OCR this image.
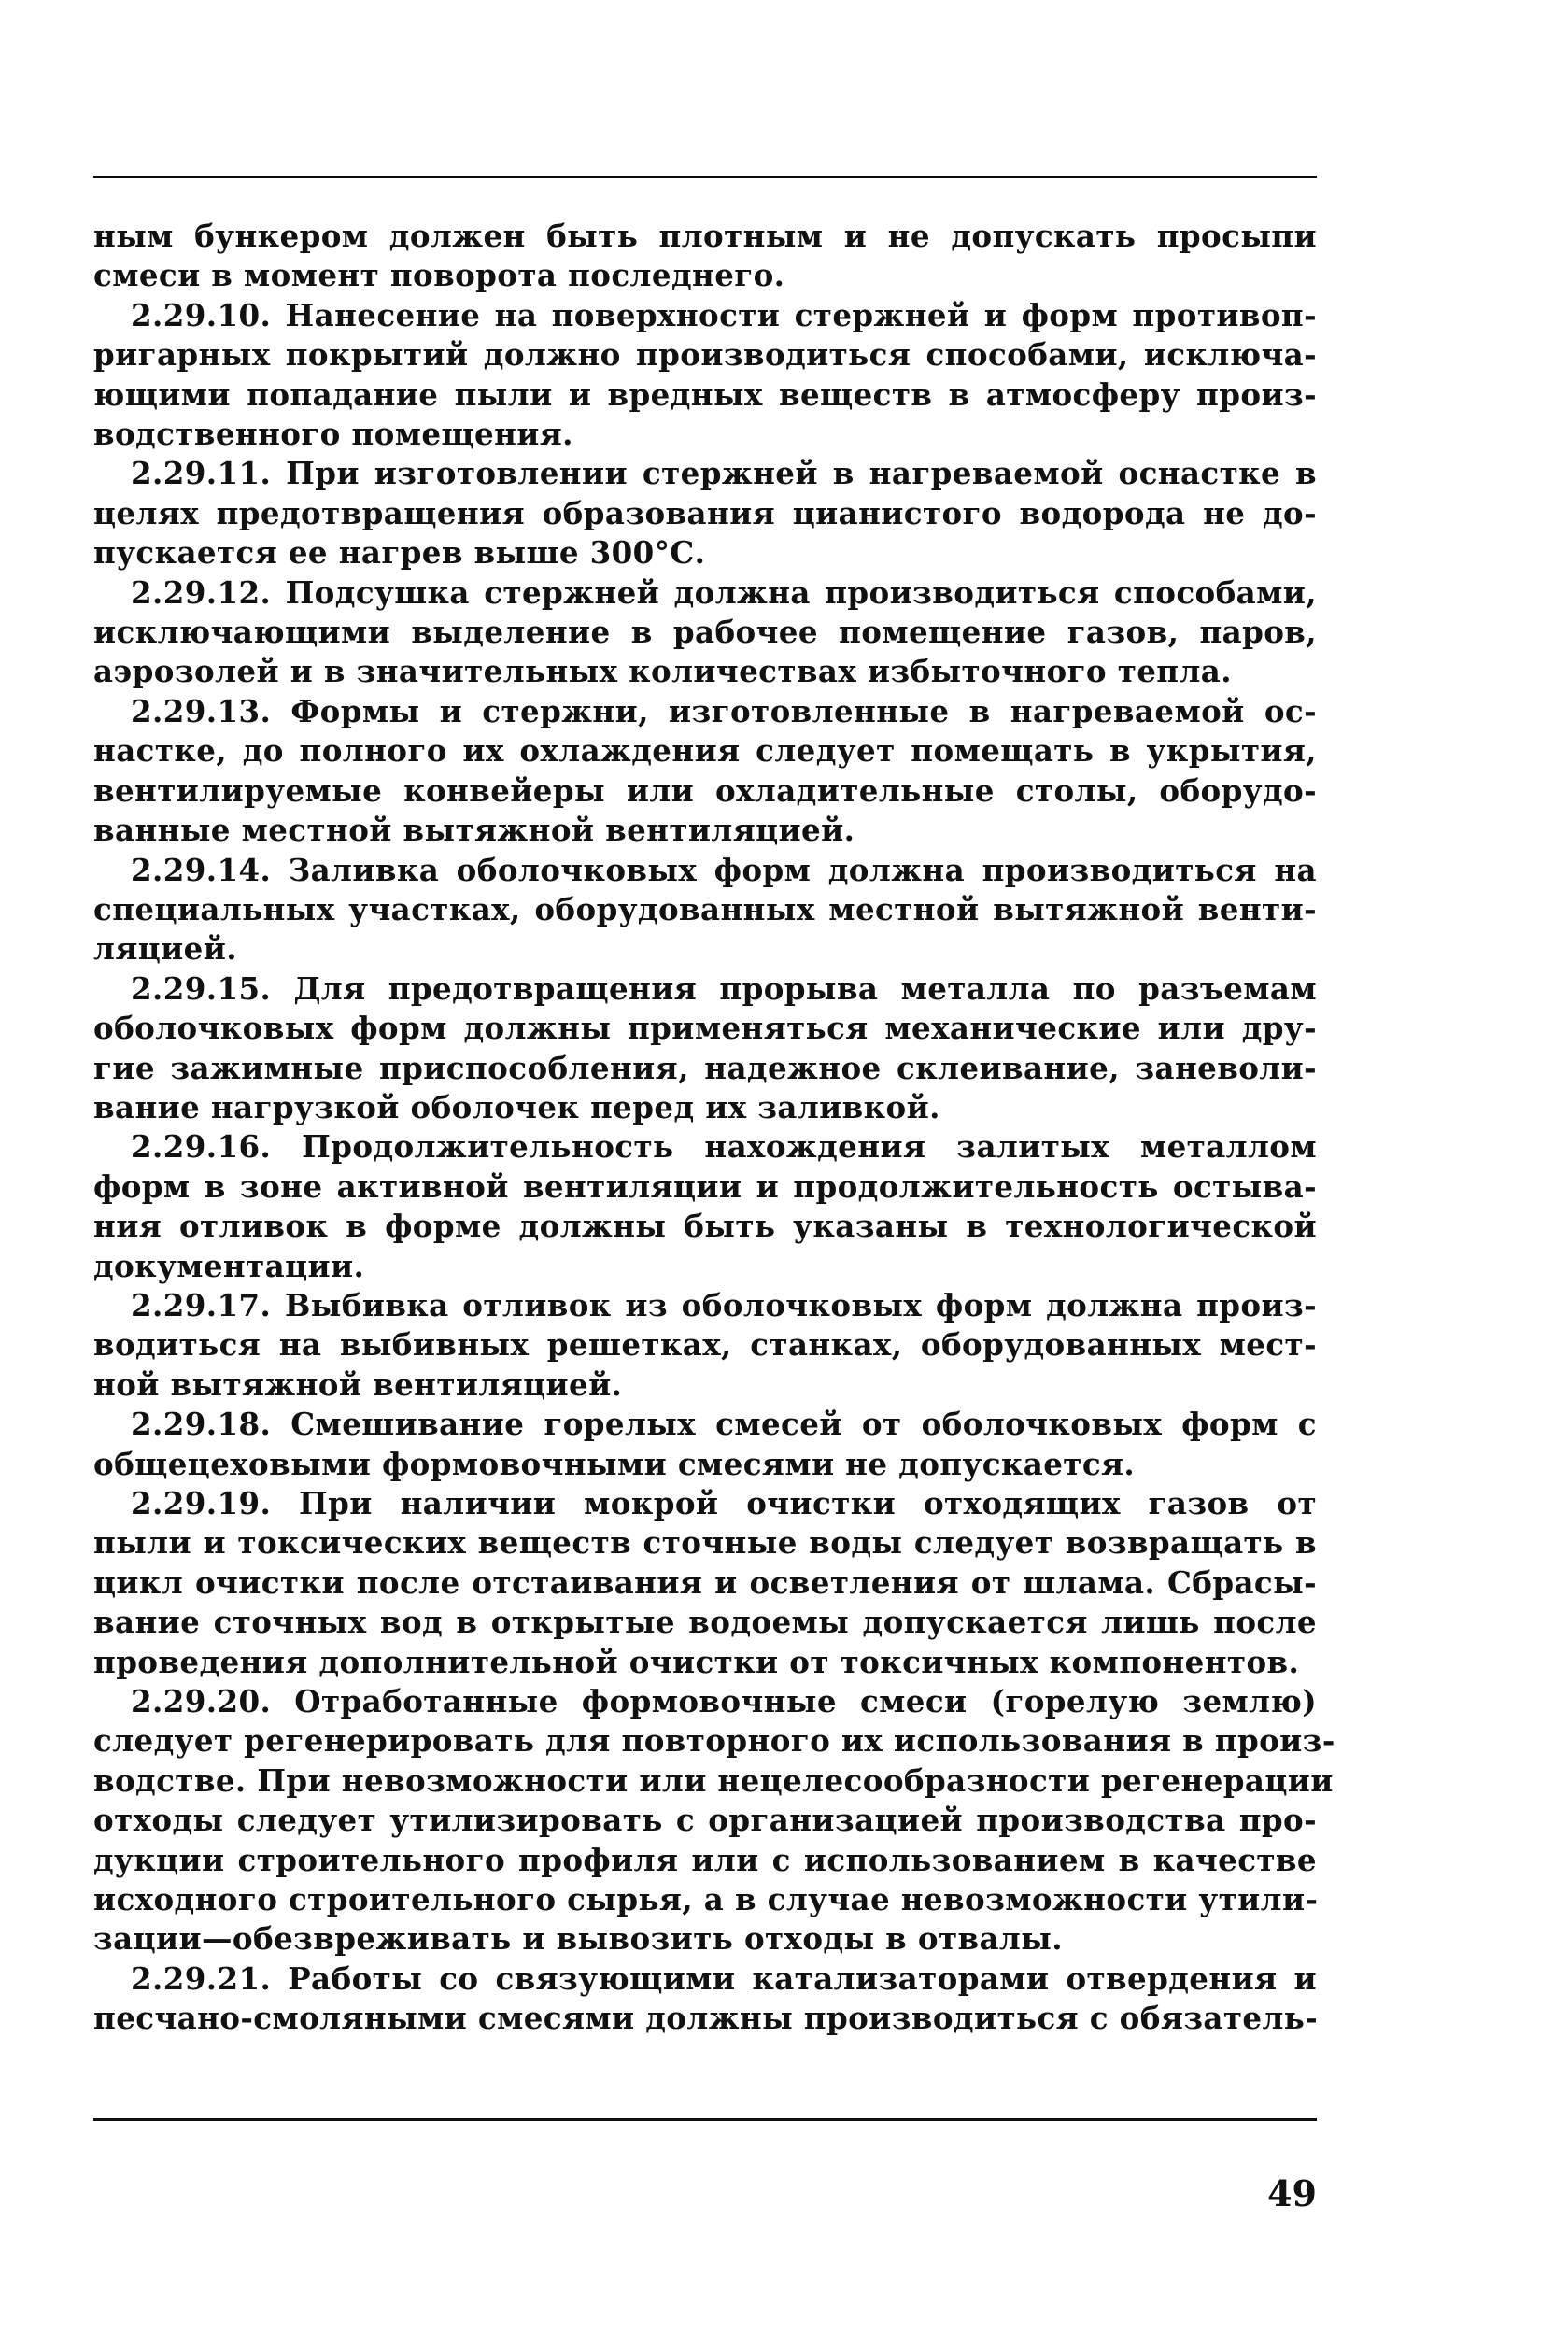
ным бункером должен быть плотным и не допускать просыпи
смеси в момент поворота последнего.
2.29.10. Нанесение на поверхности стержней и форм противоп-
ригарных покрытий должно производиться способами, исключа-
ющими попадание пыли и вредных веществ в атмосферу произ-
водственного помещения.
2.29.11. При изготовлении стержней в нагреваемой оснастке в
целях предотвращения образования цианистого водорода не до-
пускается ее нагрев выше 300°С.
2.29.12. Подсушка стержней должна производиться способами,
исключающими выделение в рабочее помещение газов, паров,
аэрозолей и в значительных количествах избыточного тепла.
2.29.13. Формы и стержни, изготовленные в нагреваемой ос-
настке, до полного их охлаждения следует помещать в укрытия,
вентилируемые конвейеры или охладительные столы, оборудо-
ванные местной вытяжной вентиляцией.
2.29.14. Заливка оболочковых форм должна производиться на
специальных участках, оборудованных местной вытяжной венти-
ляцией.
2.29.15. Для предотвращения прорыва металла по разъемам
оболочковых форм должны применяться механические или дру-
гие зажимные приспособления, надежное склеивание, заневоли-
вание нагрузкой оболочек перед их заливкой.
2.29.16. Продолжительность нахождения залитых металлом
форм в зоне активной вентиляции и продолжительность остыва-
ния отливок в форме должны быть указаны в технологической
документации.
2.29.17. Выбивка отливок из оболочковых форм должна произ-
водиться на выбивных решетках, станках, оборудованных мест-
ной вытяжной вентиляцией.
2.29.18. Смешивание горелых смесей от оболочковых форм с
общецеховыми формовочными смесями не допускается.
2.29.19. При наличии мокрой очистки отходящих газов от
пыли и токсических веществ сточные воды следует возвращать в
цикл очистки после отстаивания и осветления от шлама. Сбрасы-
вание сточных вод в открытые водоемы допускается лишь после
проведения дополнительной очистки от токсичных компонентов.
2.29.20. Отработанные формовочные смеси (горелую землю)
следует регенерировать для повторного их использования в произ-
водстве. При невозможности или нецелесообразности регенерации
отходы следует утилизировать с организацией производства про-
дукции строительного профиля или с использованием в качестве
исходного строительного сырья, а в случае невозможности утили-
зации—обезвреживать и вывозить отходы в отвалы.
2.29.21. Работы со связующими катализаторами отвердения и
песчано-смоляными смесями должны производиться с обязатель-
49
